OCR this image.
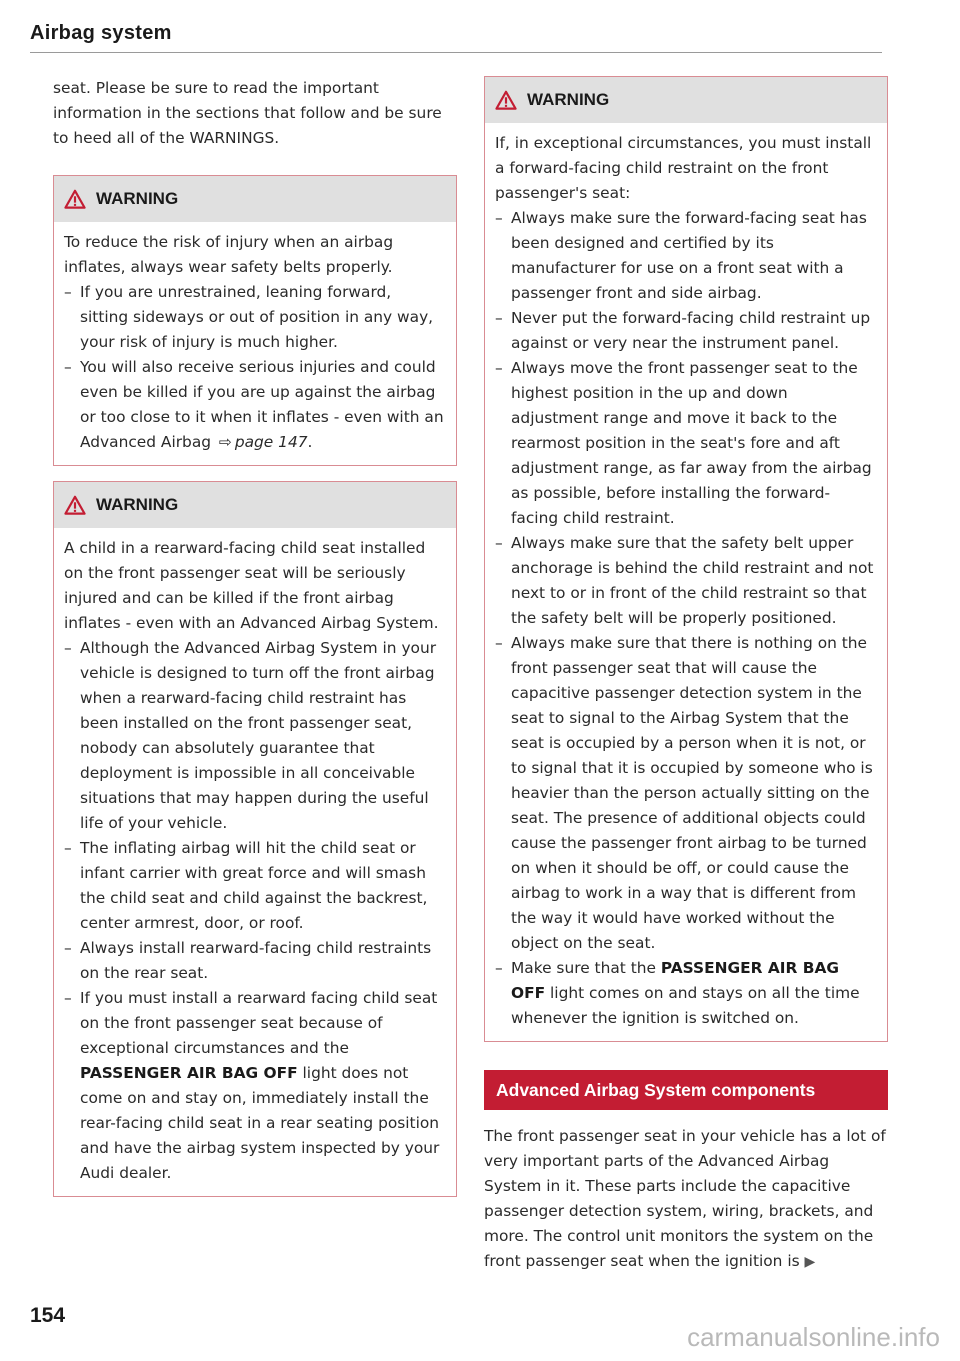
Airbag system

seat. Please be sure to read the important information in the sections that follow and be sure to heed all of the WARNINGS.

WARNING

To reduce the risk of injury when an airbag inflates, always wear safety belts properly.

– If you are unrestrained, leaning forward, sitting sideways or out of position in any way, your risk of injury is much higher.
– You will also receive serious injuries and could even be killed if you are up against the airbag or too close to it when it inflates - even with an Advanced Airbag ⇨ page 147.
WARNING

A child in a rearward-facing child seat installed on the front passenger seat will be seriously injured and can be killed if the front airbag inflates - even with an Advanced Airbag System.

– Although the Advanced Airbag System in your vehicle is designed to turn off the front airbag when a rearward-facing child restraint has been installed on the front passenger seat, nobody can absolutely guarantee that deployment is impossible in all conceivable situations that may happen during the useful life of your vehicle.
– The inflating airbag will hit the child seat or infant carrier with great force and will smash the child seat and child against the backrest, center armrest, door, or roof.
– Always install rearward-facing child restraints on the rear seat.
– If you must install a rearward facing child seat on the front passenger seat because of exceptional circumstances and the PASSENGER AIR BAG OFF light does not come on and stay on, immediately install the rear-facing child seat in a rear seating position and have the airbag system inspected by your Audi dealer.
WARNING

If, in exceptional circumstances, you must install a forward-facing child restraint on the front passenger's seat:

– Always make sure the forward-facing seat has been designed and certified by its manufacturer for use on a front seat with a passenger front and side airbag.
– Never put the forward-facing child restraint up against or very near the instrument panel.
– Always move the front passenger seat to the highest position in the up and down adjustment range and move it back to the rearmost position in the seat's fore and aft adjustment range, as far away from the airbag as possible, before installing the forward-facing child restraint.
– Always make sure that the safety belt upper anchorage is behind the child restraint and not next to or in front of the child restraint so that the safety belt will be properly positioned.
– Always make sure that there is nothing on the front passenger seat that will cause the capacitive passenger detection system in the seat to signal to the Airbag System that the seat is occupied by a person when it is not, or to signal that it is occupied by someone who is heavier than the person actually sitting on the seat. The presence of additional objects could cause the passenger front airbag to be turned on when it should be off, or could cause the airbag to work in a way that is different from the way it would have worked without the object on the seat.
– Make sure that the PASSENGER AIR BAG OFF light comes on and stays on all the time whenever the ignition is switched on.
Advanced Airbag System components

The front passenger seat in your vehicle has a lot of very important parts of the Advanced Airbag System in it. These parts include the capacitive passenger detection system, wiring, brackets, and more. The control unit monitors the system on the front passenger seat when the ignition is ▶

154
carmanualsonline.info
